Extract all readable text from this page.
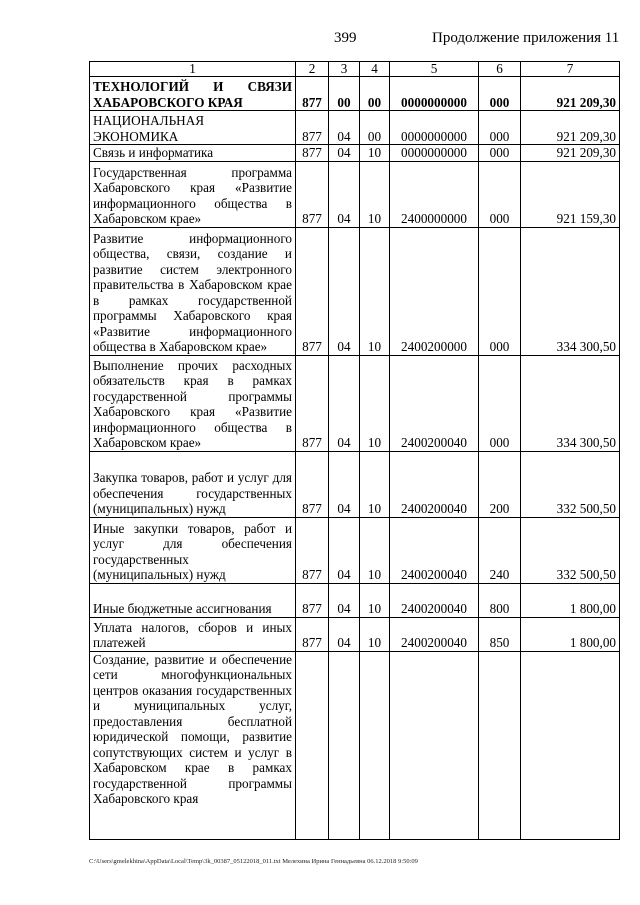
399	Продолжение приложения 11
1	2	3	4	5	6	7
ТЕХНОЛОГИЙ И СВЯЗИ ХАБАРОВСКОГО КРАЯ	877	00	00	0000000000	000	921 209,30
НАЦИОНАЛЬНАЯ ЭКОНОМИКА	877	04	00	0000000000	000	921 209,30
Связь и информатика	877	04	10	0000000000	000	921 209,30
Государственная программа Хабаровского края «Развитие информационного общества в Хабаровском крае»	877	04	10	2400000000	000	921 159,30
Развитие информационного общества, связи, создание и развитие систем электронного правительства в Хабаровском крае в рамках государственной программы Хабаровского края «Развитие информационного общества в Хабаровском крае»	877	04	10	2400200000	000	334 300,50
Выполнение прочих расходных обязательств края в рамках государственной программы Хабаровского края «Развитие информационного общества в Хабаровском крае»	877	04	10	2400200040	000	334 300,50
Закупка товаров, работ и услуг для обеспечения государственных (муниципальных) нужд	877	04	10	2400200040	200	332 500,50
Иные закупки товаров, работ и услуг для обеспечения государственных (муниципальных) нужд	877	04	10	2400200040	240	332 500,50
Иные бюджетные ассигнования	877	04	10	2400200040	800	1 800,00
Уплата налогов, сборов и иных платежей	877	04	10	2400200040	850	1 800,00
Создание, развитие и обеспечение сети многофункциональных центров оказания государственных и муниципальных услуг, предоставления бесплатной юридической помощи, развитие сопутствующих систем и услуг в Хабаровском крае в рамках государственной программы Хабаровского края						
C:\Users\gmelekhina\AppData\Local\Temp\3k_00387_05122018_011.txt Мелехина Ирина Геннадьевна 06.12.2018 9:50:09
